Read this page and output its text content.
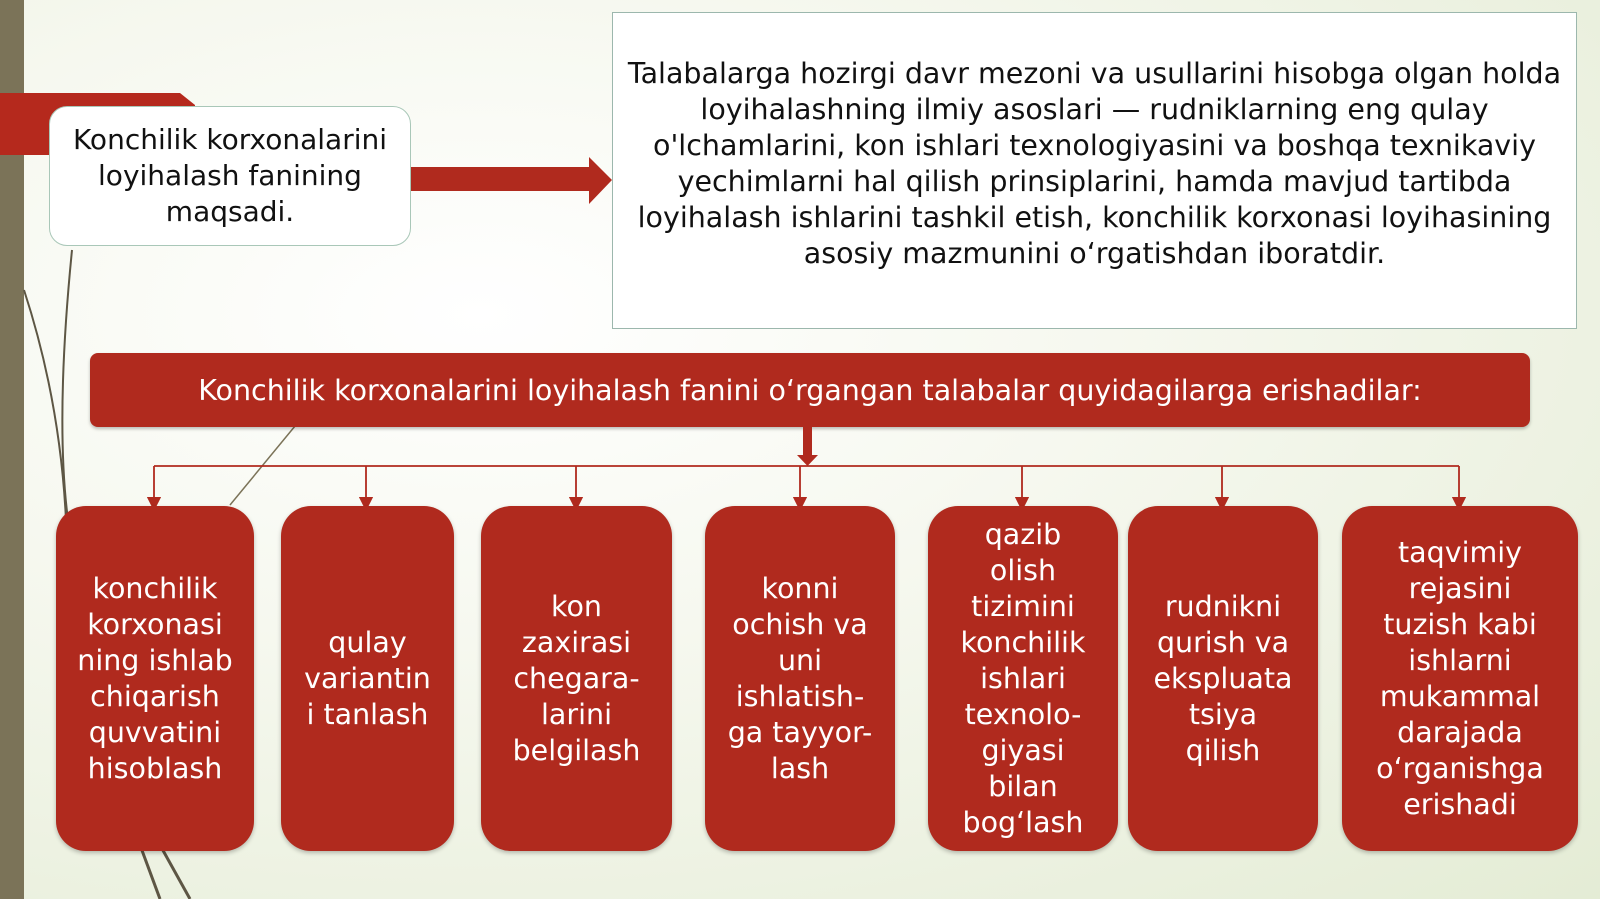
Konchilik korxonalarini loyihalash fanining maqsadi.
Talabalarga hozirgi davr mezoni va usullarini hisobga olgan holda loyihalashning ilmiy asoslari — rudniklarning eng qulay o'lchamlarini, kon ishlari texnologiyasini va boshqa texnikaviy yechimlarni hal qilish prinsiplarini, hamda mavjud tartibda loyihalash ishlarini tashkil etish, konchilik korxonasi loyihasining asosiy mazmunini o‘rgatishdan iboratdir.
Konchilik korxonalarini loyihalash fanini o‘rgangan talabalar quyidagilarga erishadilar:
konchilik
korxonasi
ning ishlab
chiqarish
quvvatini
hisoblash
qulay
variantin
i tanlash
kon
zaxirasi
chegara-
larini
belgilash
konni
ochish va
uni
ishlatish-
ga tayyor-
lash
qazib
olish
tizimini
konchilik
ishlari
texnolo-
giyasi
bilan
bog‘lash
rudnikni
qurish va
ekspluata
tsiya
qilish
taqvimiy
rejasini
tuzish kabi
ishlarni
mukammal
darajada
o‘rganishga
erishadi
